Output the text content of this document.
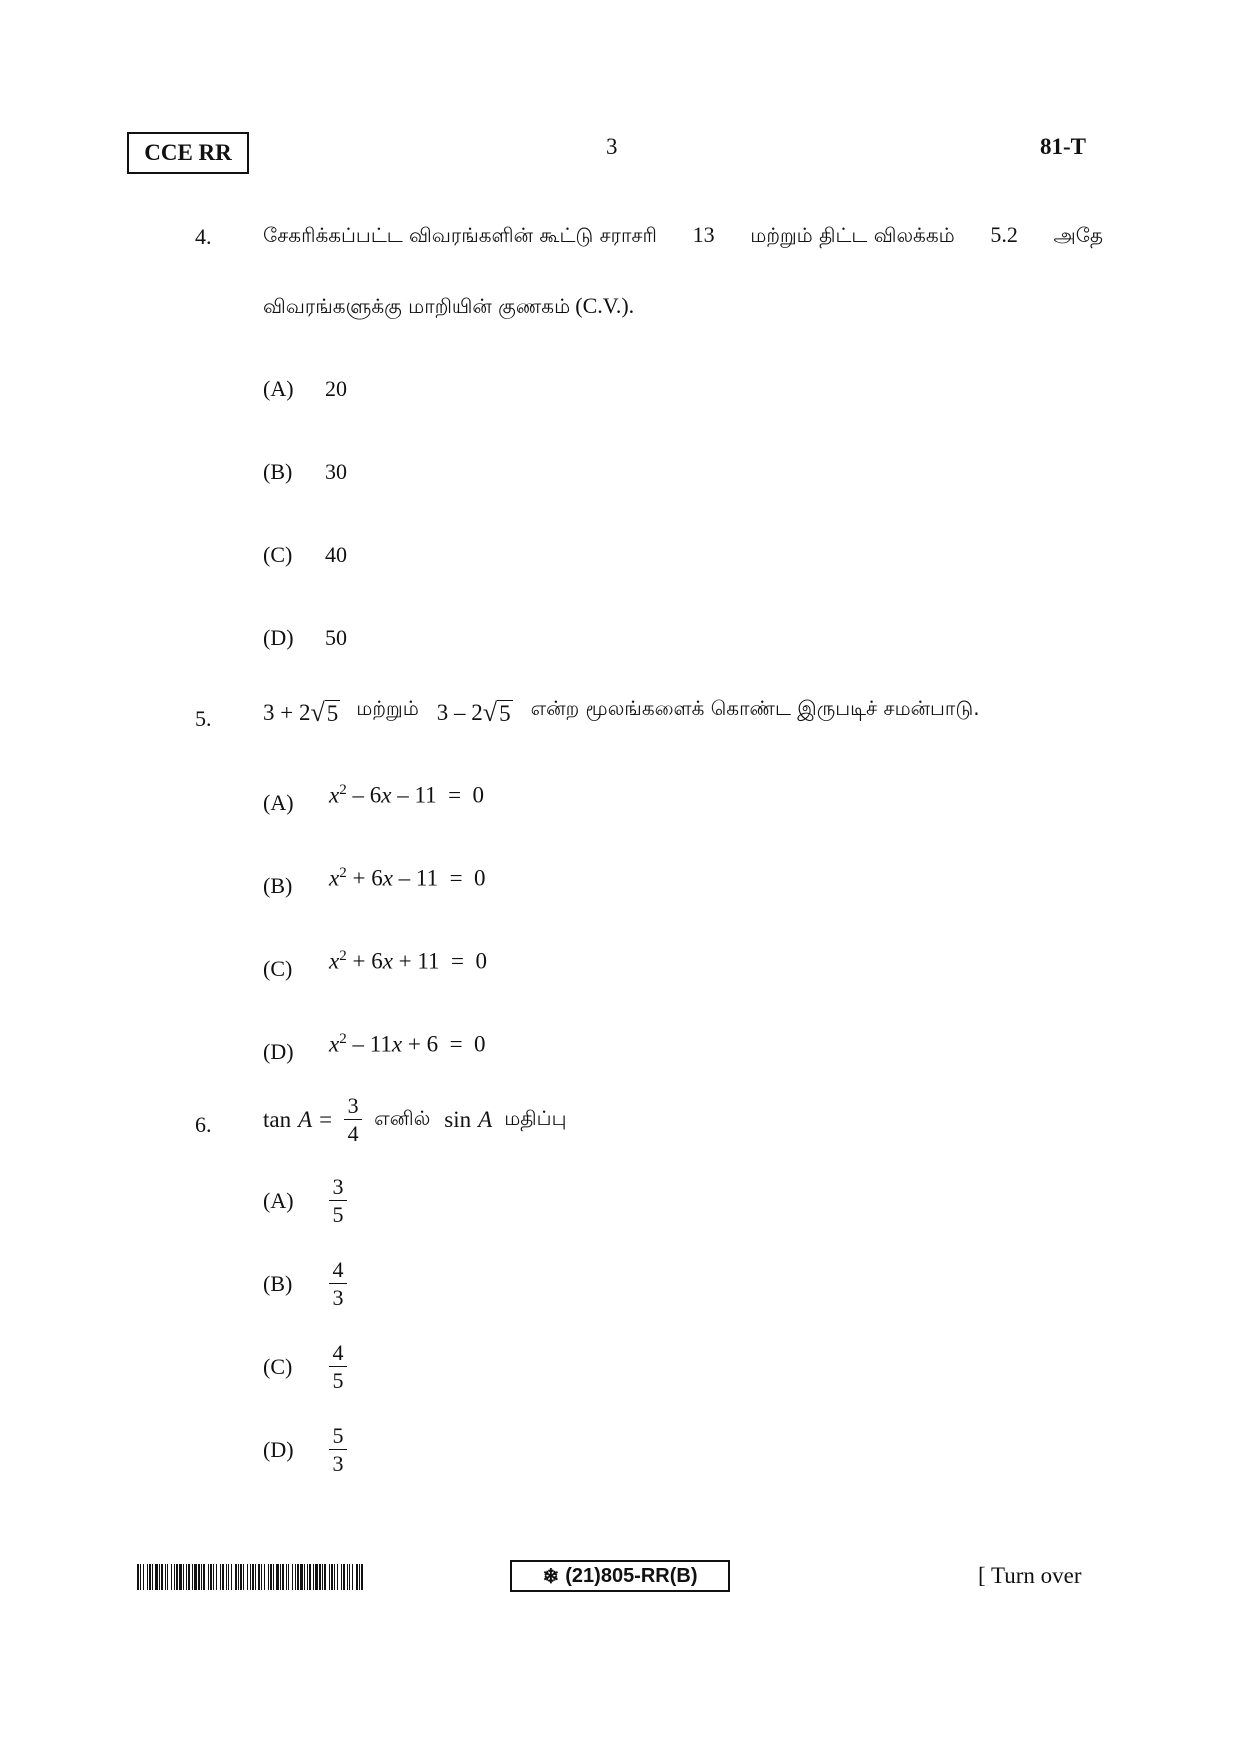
CCE RR	3	81-T
4.	சேகரிக்கப்பட்ட விவரங்களின் கூட்டு சராசரி 13 மற்றும் திட்ட விலக்கம் 5.2 அதே
விவரங்களுக்கு மாறியின் குணகம் (C.V.).
(A) 20
(B) 30
(C) 40
(D) 50
5. 3 + 2 √ 5 மற்றும் 3 – 2 √ 5 என்ற மூலங்களைக் கொண்ட இருபடிச் சமன்பாடு.
(A) $x^2 - 6x - 11 = 0$
(B) $x^2 + 6x - 11 = 0$
(C) $x^2 + 6x + 11 = 0$
(D) $x^2 - 11x + 6 = 0$
6. $\tan A = \frac{3}{4}$ எனில் sin A மதிப்பு
(A)	$\frac{3}{5}$
(B)	$\frac{4}{3}$
(C)	$\frac{4}{5}$
(D)	$\frac{5}{3}$
❄ (21)805-RR(B)	[ Turn over
